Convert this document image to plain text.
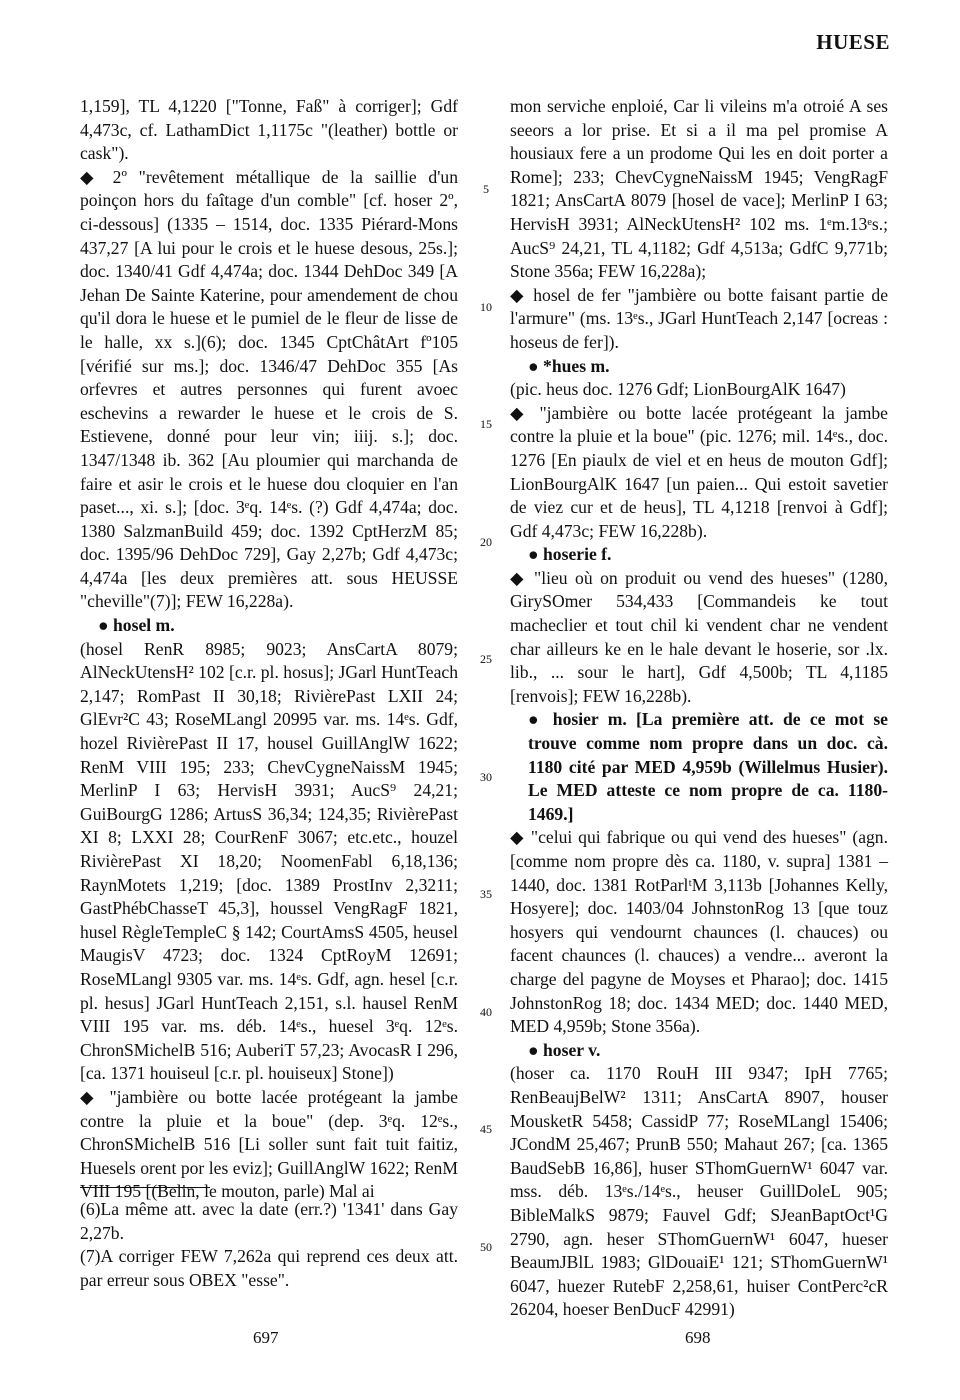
HUESE

1,159], TL 4,1220 ["Tonne, Faß" à corriger]; Gdf 4,473c, cf. LathamDict 1,1175c "(leather) bottle or cask").

◆ 2º "revêtement métallique de la saillie d'un poinçon hors du faîtage d'un comble" [cf. hoser 2º, ci-dessous] (1335 – 1514, doc. 1335 Piérard-Mons 437,27 [A lui pour le crois et le huese desous, 25s.]; doc. 1340/41 Gdf 4,474a; doc. 1344 DehDoc 349 [A Jehan De Sainte Katerine, pour amendement de chou qu'il dora le huese et le pumiel de le fleur de lisse de le halle, xx s.](6); doc. 1345 CptChâtArt fº105 [vérifié sur ms.]; doc. 1346/47 DehDoc 355 [As orfevres et autres personnes qui furent avoec eschevins a rewarder le huese et le crois de S. Estievene, donné pour leur vin; iiij. s.]; doc. 1347/1348 ib. 362 [Au ploumier qui marchanda de faire et asir le crois et le huese dou cloquier en l'an paset..., xi. s.]; [doc. 3ᵉq. 14ᵉs. (?) Gdf 4,474a; doc. 1380 SalzmanBuild 459; doc. 1392 CptHerzM 85; doc. 1395/96 DehDoc 729], Gay 2,27b; Gdf 4,473c; 4,474a [les deux premières att. sous HEUSSE "cheville"(7)]; FEW 16,228a).

● hosel m.

(hosel RenR 8985; 9023; AnsCartA 8079; AlNeckUtensH² 102 [c.r. pl. hosus]; JGarl HuntTeach 2,147; RomPast II 30,18; RivièrePast LXII 24; GlEvr²C 43; RoseMLangl 20995 var. ms. 14ᵉs. Gdf, hozel RivièrePast II 17, housel GuillAnglW 1622; RenM VIII 195; 233; ChevCygneNaissM 1945; MerlinP I 63; HervisH 3931; AucS⁹ 24,21; GuiBourgG 1286; ArtusS 36,34; 124,35; RivièrePast XI 8; LXXI 28; CourRenF 3067; etc.etc., houzel RivièrePast XI 18,20; NoomenFabl 6,18,136; RaynMotets 1,219; [doc. 1389 ProstInv 2,3211; GastPhébChasseT 45,3], houssel VengRagF 1821, husel RègleTempleC § 142; CourtAmsS 4505, heusel MaugisV 4723; doc. 1324 CptRoyM 12691; RoseMLangl 9305 var. ms. 14ᵉs. Gdf, agn. hesel [c.r. pl. hesus] JGarl HuntTeach 2,151, s.l. hausel RenM VIII 195 var. ms. déb. 14ᵉs., huesel 3ᵉq. 12ᵉs. ChronSMichelB 516; AuberiT 57,23; AvocasR I 296, [ca. 1371 houiseul [c.r. pl. houiseux] Stone])

◆ "jambière ou botte lacée protégeant la jambe contre la pluie et la boue" (dep. 3ᵉq. 12ᵉs., ChronSMichelB 516 [Li soller sunt fait tuit faitiz, Huesels orent por les eviz]; GuillAnglW 1622; RenM VIII 195 [(Belin, le mouton, parle) Mal ai

mon serviche enploié, Car li vileins m'a otroié A ses seeors a lor prise. Et si a il ma pel promise A housiaux fere a un prodome Qui les en doit porter a Rome]; 233; ChevCygneNaissM 1945; VengRagF 1821; AnsCartA 8079 [hosel de vace]; MerlinP I 63; HervisH 3931; AlNeckUtensH² 102 ms. 1ᵉm.13ᵉs.; AucS⁹ 24,21, TL 4,1182; Gdf 4,513a; GdfC 9,771b; Stone 356a; FEW 16,228a);

◆ hosel de fer "jambière ou botte faisant partie de l'armure" (ms. 13ᵉs., JGarl HuntTeach 2,147 [ocreas : hoseus de fer]).

● *hues m.

(pic. heus doc. 1276 Gdf; LionBourgAlK 1647)

◆ "jambière ou botte lacée protégeant la jambe contre la pluie et la boue" (pic. 1276; mil. 14ᵉs., doc. 1276 [En piaulx de viel et en heus de mouton Gdf]; LionBourgAlK 1647 [un paien... Qui estoit savetier de viez cur et de heus], TL 4,1218 [renvoi à Gdf]; Gdf 4,473c; FEW 16,228b).

● hoserie f.

◆ "lieu où on produit ou vend des hueses" (1280, GirySOmer 534,433 [Commandeis ke tout macheclier et tout chil ki vendent char ne vendent char ailleurs ke en le hale devant le hoserie, sor .lx. lib., ... sour le hart], Gdf 4,500b; TL 4,1185 [renvois]; FEW 16,228b).

● hosier m. [La première att. de ce mot se trouve comme nom propre dans un doc. cà. 1180 cité par MED 4,959b (Willelmus Husier). Le MED atteste ce nom propre de ca. 1180-1469.]

◆ "celui qui fabrique ou qui vend des hueses" (agn. [comme nom propre dès ca. 1180, v. supra] 1381 – 1440, doc. 1381 RotParlᵗM 3,113b [Johannes Kelly, Hosyere]; doc. 1403/04 JohnstonRog 13 [que touz hosyers qui vendournt chaunces (l. chauces) ou facent chaunces (l. chauces) a vendre... averont la charge del pagyne de Moyses et Pharao]; doc. 1415 JohnstonRog 18; doc. 1434 MED; doc. 1440 MED, MED 4,959b; Stone 356a).

● hoser v.

(hoser ca. 1170 RouH III 9347; IpH 7765; RenBeaujBelW² 1311; AnsCartA 8907, houser MousketR 5458; CassidP 77; RoseMLangl 15406; JCondM 25,467; PrunB 550; Mahaut 267; [ca. 1365 BaudSebB 16,86], huser SThomGuernW¹ 6047 var. mss. déb. 13ᵉs./14ᵉs., heuser GuillDoleL 905; BibleMalkS 9879; Fauvel Gdf; SJeanBaptOct¹G 2790, agn. heser SThomGuernW¹ 6047, hueser BeaumJBlL 1983; GlDouaiE¹ 121; SThomGuernW¹ 6047, huezer RutebF 2,258,61, huiser ContPerc²cR 26204, hoeser BenDucF 42991)

5
10
15
20
25
30
35
40
45
50

(6)La même att. avec la date (err.?) '1341' dans Gay 2,27b.

(7)A corriger FEW 7,262a qui reprend ces deux att. par erreur sous OBEX "esse".

697	698
